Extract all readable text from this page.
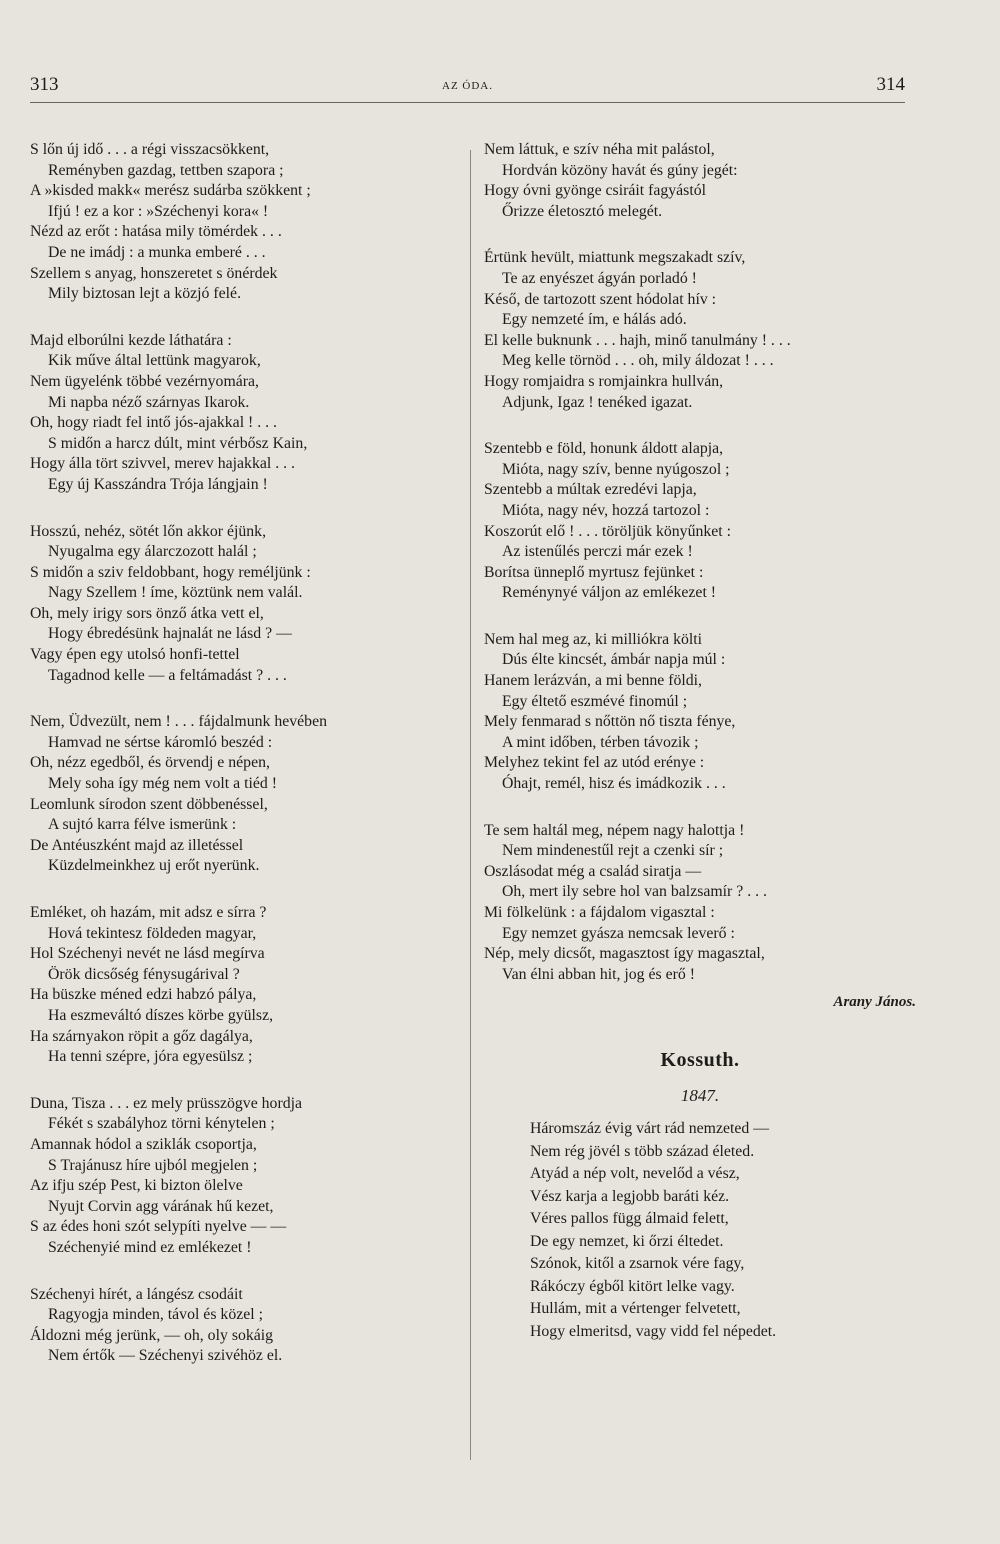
313	AZ ÓDA.	314
S lőn új idő . . . a régi visszacsökkent,
Reményben gazdag, tettben szapora ;
A »kisded makk« merész sudárba szökkent ;
Ifjú ! ez a kor : »Széchenyi kora« !
Nézd az erőt : hatása mily tömérdek . . .
De ne imádj : a munka emberé . . .
Szellem s anyag, honszeretet s önérdek
Mily biztosan lejt a közjó felé.
Majd elborúlni kezde láthatára :
Kik műve által lettünk magyarok,
Nem ügyelénk többé vezérnyomára,
Mi napba néző szárnyas Ikarok.
Oh, hogy riadt fel intő jós-ajakkal ! . . .
S midőn a harcz dúlt, mint vérbősz Kain,
Hogy álla tört szivvel, merev hajakkal . . .
Egy új Kasszándra Trója lángjain !
Hosszú, nehéz, sötét lőn akkor éjünk,
Nyugalma egy álarczozott halál ;
S midőn a sziv feldobbant, hogy reméljünk :
Nagy Szellem ! íme, köztünk nem valál.
Oh, mely irigy sors önző átka vett el,
Hogy ébredésünk hajnalát ne lásd ? —
Vagy épen egy utolsó honfi-tettel
Tagadnod kelle — a feltámadást ? . . .
Nem, Üdvezült, nem ! . . . fájdalmunk hevében
Hamvad ne sértse káromló beszéd :
Oh, nézz egedből, és örvendj e népen,
Mely soha így még nem volt a tiéd !
Leomlunk sírodon szent döbbenéssel,
A sujtó karra félve ismerünk :
De Antéuszként majd az illetéssel
Küzdelmeinkhez uj erőt nyerünk.
Emléket, oh hazám, mit adsz e sírra ?
Hová tekintesz földeden magyar,
Hol Széchenyi nevét ne lásd megírva
Örök dicsőség fénysugárival ?
Ha büszke méned edzi habzó pálya,
Ha eszmeváltó díszes körbe gyülsz,
Ha szárnyakon röpit a gőz dagálya,
Ha tenni szépre, jóra egyesülsz ;
Duna, Tisza . . . ez mely prüsszögve hordja
Fékét s szabályhoz törni kénytelen ;
Amannak hódol a sziklák csoportja,
S Trajánusz híre ujból megjelen ;
Az ifju szép Pest, ki bizton ölelve
Nyujt Corvin agg várának hű kezet,
S az édes honi szót selypíti nyelve — —
Széchenyié mind ez emlékezet !
Széchenyi hírét, a lángész csodáit
Ragyogja minden, távol és közel ;
Áldozni még jerünk, — oh, oly sokáig
Nem értők — Széchenyi szivéhöz el.
Nem láttuk, e szív néha mit palástol,
Hordván közöny havát és gúny jegét:
Hogy óvni gyönge csiráit fagyástól
Őrizze életosztó melegét.
Értünk hevült, miattunk megszakadt szív,
Te az enyészet ágyán porladó !
Késő, de tartozott szent hódolat hív :
Egy nemzeté ím, e hálás adó.
El kelle buknunk . . . hajh, minő tanulmány ! . . .
Meg kelle törnöd . . . oh, mily áldozat ! . . .
Hogy romjaidra s romjainkra hullván,
Adjunk, Igaz ! tenéked igazat.
Szentebb e föld, honunk áldott alapja,
Mióta, nagy szív, benne nyúgoszol ;
Szentebb a múltak ezredévi lapja,
Mióta, nagy név, hozzá tartozol :
Koszorút elő ! . . . töröljük könyűnket :
Az istenűlés perczi már ezek !
Borítsa ünneplő myrtusz fejünket :
Reménynyé váljon az emlékezet !
Nem hal meg az, ki milliókra költi
Dús élte kincsét, ámbár napja múl :
Hanem lerázván, a mi benne földi,
Egy éltető eszmévé finomúl ;
Mely fenmarad s nőttön nő tiszta fénye,
A mint időben, térben távozik ;
Melyhez tekint fel az utód erénye :
Óhajt, remél, hisz és imádkozik . . .
Te sem haltál meg, népem nagy halottja !
Nem mindenestűl rejt a czenki sír ;
Oszlásodat még a család siratja —
Oh, mert ily sebre hol van balzsamír ? . . .
Mi fölkelünk : a fájdalom vigasztal :
Egy nemzet gyásza nemcsak leverő :
Nép, mely dicsőt, magasztost így magasztal,
Van élni abban hit, jog és erő !
Arany János.
Kossuth.
1847.
Háromszáz évig várt rád nemzeted —
Nem rég jövél s több század életed.
Atyád a nép volt, nevelőd a vész,
Vész karja a legjobb baráti kéz.
Véres pallos függ álmaid felett,
De egy nemzet, ki őrzi éltedet.
Szónok, kitől a zsarnok vére fagy,
Rákóczy égből kitört lelke vagy.
Hullám, mit a vértenger felvetett,
Hogy elmeritsd, vagy vidd fel népedet.
